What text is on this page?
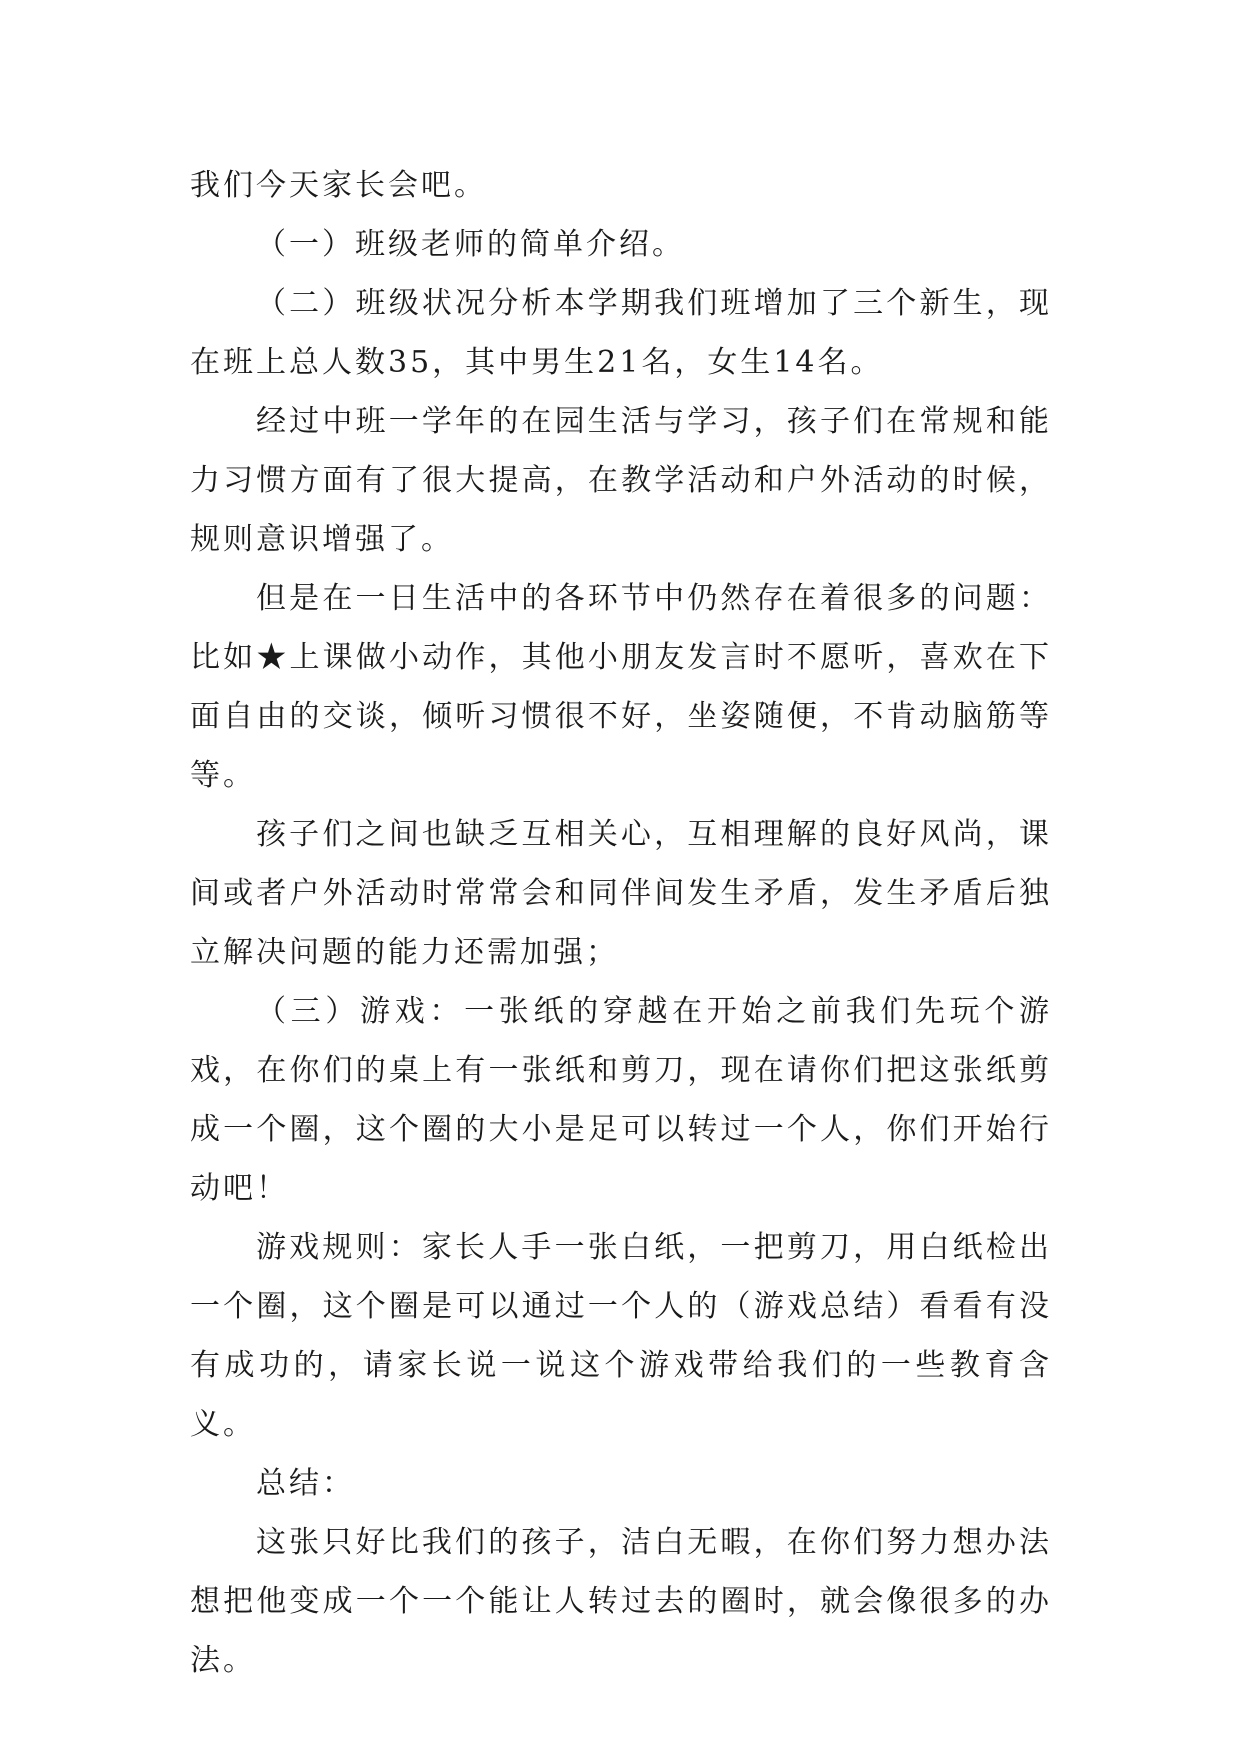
我们今天家长会吧。

（一）班级老师的简单介绍。

（二）班级状况分析本学期我们班增加了三个新生，现在班上总人数35，其中男生21名，女生14名。

经过中班一学年的在园生活与学习，孩子们在常规和能力习惯方面有了很大提高，在教学活动和户外活动的时候，规则意识增强了。

但是在一日生活中的各环节中仍然存在着很多的问题：比如★上课做小动作，其他小朋友发言时不愿听，喜欢在下面自由的交谈，倾听习惯很不好，坐姿随便，不肯动脑筋等等。

孩子们之间也缺乏互相关心，互相理解的良好风尚，课间或者户外活动时常常会和同伴间发生矛盾，发生矛盾后独立解决问题的能力还需加强；

（三）游戏：一张纸的穿越在开始之前我们先玩个游戏，在你们的桌上有一张纸和剪刀，现在请你们把这张纸剪成一个圈，这个圈的大小是足可以转过一个人，你们开始行动吧！

游戏规则：家长人手一张白纸，一把剪刀，用白纸检出一个圈，这个圈是可以通过一个人的（游戏总结）看看有没有成功的，请家长说一说这个游戏带给我们的一些教育含义。

总结：

这张只好比我们的孩子，洁白无暇，在你们努力想办法想把他变成一个一个能让人转过去的圈时，就会像很多的办法。
